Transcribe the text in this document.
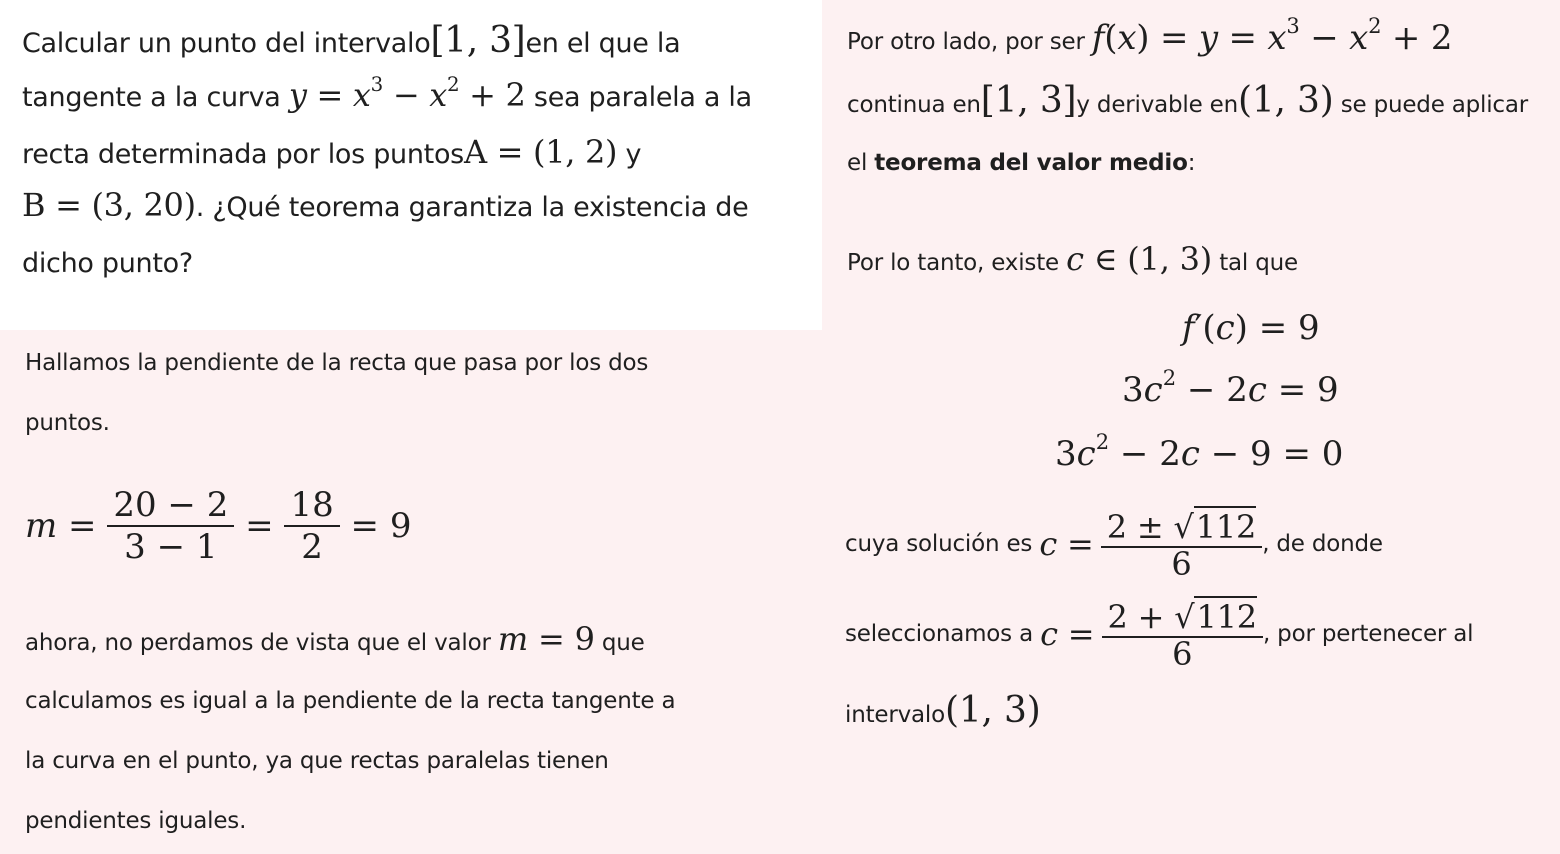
Calcular un punto del intervalo[1, 3]en el que la
tangente a la curva $y = x^3 - x^2 + 2$ sea paralela a la
recta determinada por los puntosA = (1, 2) y
B = (3, 20). ¿Qué teorema garantiza la existencia de
dicho punto?
Hallamos la pendiente de la recta que pasa por los dos
puntos.
$m = \frac{20 - 2}{3 - 1} = \frac{18}{2} = 9$
ahora, no perdamos de vista que el valor m = 9 que
calculamos es igual a la pendiente de la recta tangente a
la curva en el punto, ya que rectas paralelas tienen
pendientes iguales.
Por otro lado, por ser $f(x) = y = x^3 - x^2 + 2$
continua en[1, 3]y derivable en(1, 3) se puede aplicar
el teorema del valor medio:
Por lo tanto, existe c ∈ (1, 3) tal que
f′(c) = 9
$3c^2 - 2c = 9$
$3c^2 - 2c - 9 = 0$
cuya solución es $c = \frac{2 \pm √112}{6}$ , de donde
seleccionamos a $c = \frac{2 + √112}{6}$ , por pertenecer al
intervalo(1, 3)
